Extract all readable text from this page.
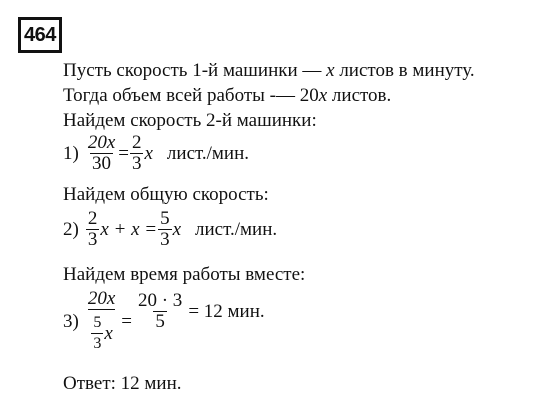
464
Пусть скорость 1-й машинки — x листов в минуту.
Тогда объем всей работы -— 20x листов.
Найдем скорость 2-й машинки:
$1) \frac{20x}{30} = \frac{2}{3}$ x лист./мин.
Найдем общую скорость:
$2) \frac{2}{3}$ $x + x = \frac{5}{3}$ x лист./мин.
Найдем время работы вместе:
$3) \frac{20x}{\frac{5}{3} x} = \frac{20 \cdot 3}{5} = 12$ мин.
Ответ: 12 мин.
